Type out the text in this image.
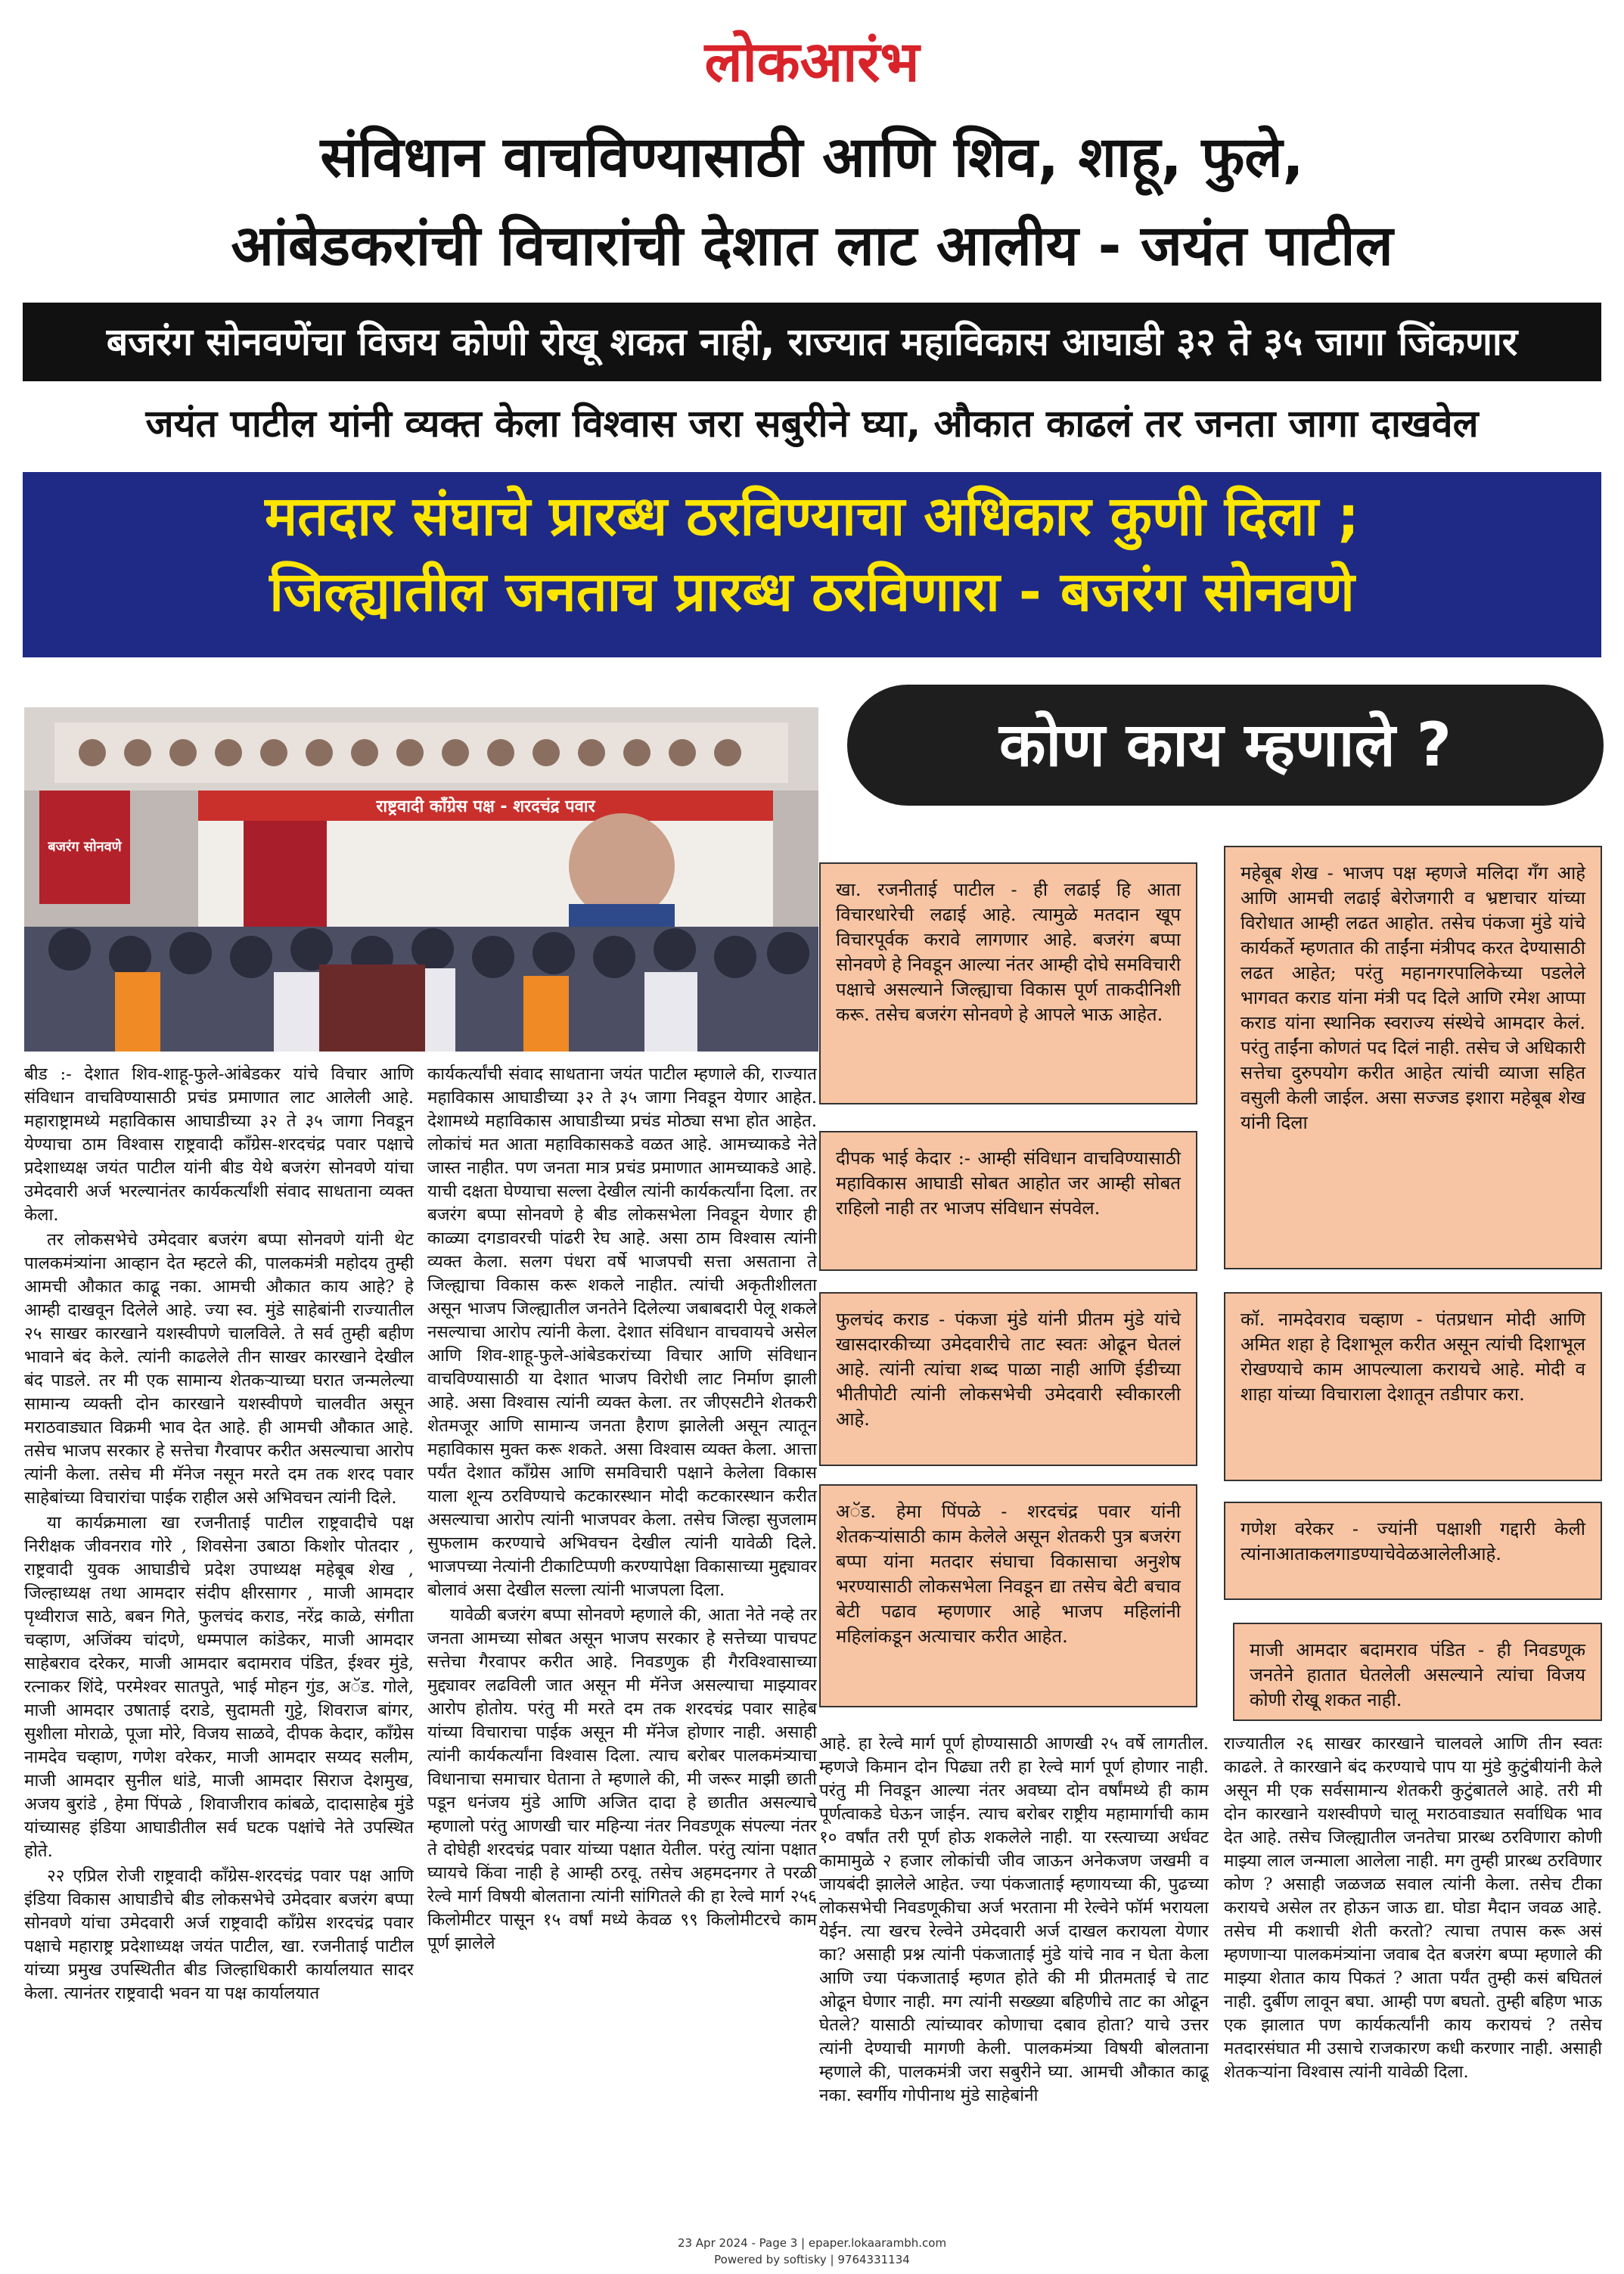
लोकआरंभ
संविधान वाचविण्यासाठी आणि शिव, शाहू, फुले,
आंबेडकरांची विचारांची देशात लाट आलीय - जयंत पाटील
बजरंग सोनवणेंचा विजय कोणी रोखू शकत नाही, राज्यात महाविकास आघाडी ३२ ते ३५ जागा जिंकणार
जयंत पाटील यांनी व्यक्त केला विश्वास जरा सबुरीने घ्या, औकात काढलं तर जनता जागा दाखवेल
मतदार संघाचे प्रारब्ध ठरविण्याचा अधिकार कुणी दिला ;
जिल्ह्यातील जनताच प्रारब्ध ठरविणारा - बजरंग सोनवणे
राष्ट्रवादी काँग्रेस पक्ष - शरदचंद्र पवार
बजरंग सोनवणे
कोण काय म्हणाले ?
खा. रजनीताई पाटील - ही लढाई हि आता विचारधारेची लढाई आहे. त्यामुळे मतदान खूप विचारपूर्वक करावे लागणार आहे. बजरंग बप्पा सोनवणे हे निवडून आल्या नंतर आम्ही दोघे समविचारी पक्षाचे असल्याने जिल्ह्याचा विकास पूर्ण ताकदीनिशी करू. तसेच बजरंग सोनवणे हे आपले भाऊ आहेत.
दीपक भाई केदार :- आम्ही संविधान वाचविण्यासाठी महाविकास आघाडी सोबत आहोत जर आम्ही सोबत राहिलो नाही तर भाजप संविधान संपवेल.
फुलचंद कराड - पंकजा मुंडे यांनी प्रीतम मुंडे यांचे खासदारकीच्या उमेदवारीचे ताट स्वतः ओढून घेतलं आहे. त्यांनी त्यांचा शब्द पाळा नाही आणि ईडीच्या भीतीपोटी त्यांनी लोकसभेची उमेदवारी स्वीकारली आहे.
अॅड. हेमा पिंपळे - शरदचंद्र पवार यांनी शेतकऱ्यांसाठी काम केलेले असून शेतकरी पुत्र बजरंग बप्पा यांना मतदार संघाचा विकासाचा अनुशेष भरण्यासाठी लोकसभेला निवडून द्या तसेच बेटी बचाव बेटी पढाव म्हणणार आहे भाजप महिलांनी महिलांकडून अत्याचार करीत आहेत.
महेबूब शेख - भाजप पक्ष म्हणजे मलिदा गॅंग आहे आणि आमची लढाई बेरोजगारी व भ्रष्टाचार यांच्या विरोधात आम्ही लढत आहोत. तसेच पंकजा मुंडे यांचे कार्यकर्ते म्हणतात की ताईंना मंत्रीपद करत देण्यासाठी लढत आहेत; परंतु महानगरपालिकेच्या पडलेले भागवत कराड यांना मंत्री पद दिले आणि रमेश आप्पा कराड यांना स्थानिक स्वराज्य संस्थेचे आमदार केलं. परंतु ताईंना कोणतं पद दिलं नाही. तसेच जे अधिकारी सत्तेचा दुरुपयोग करीत आहेत त्यांची व्याजा सहित वसुली केली जाईल. असा सज्जड इशारा महेबूब शेख यांनी दिला
कॉ. नामदेवराव चव्हाण - पंतप्रधान मोदी आणि अमित शहा हे दिशाभूल करीत असून त्यांची दिशाभूल रोखण्याचे काम आपल्याला करायचे आहे. मोदी व शाहा यांच्या विचाराला देशातून तडीपार करा.
गणेश वरेकर - ज्यांनी पक्षाशी गद्दारी केली त्यांनाआताकलगाडण्याचेवेळआलेलीआहे.
माजी आमदार बदामराव पंडित - ही निवडणूक जनतेने हातात घेतलेली असल्याने त्यांचा विजय कोणी रोखू शकत नाही.

बीड :- देशात शिव-शाहू-फुले-आंबेडकर यांचे विचार आणि संविधान वाचविण्यासाठी प्रचंड प्रमाणात लाट आलेली आहे. महाराष्ट्रामध्ये महाविकास आघाडीच्या ३२ ते ३५ जागा निवडून येण्याचा ठाम विश्वास राष्ट्रवादी काँग्रेस-शरदचंद्र पवार पक्षाचे प्रदेशाध्यक्ष जयंत पाटील यांनी बीड येथे बजरंग सोनवणे यांचा उमेदवारी अर्ज भरल्यानंतर कार्यकर्त्यांशी संवाद साधताना व्यक्त केला.

तर लोकसभेचे उमेदवार बजरंग बप्पा सोनवणे यांनी थेट पालकमंत्र्यांना आव्हान देत म्हटले की, पालकमंत्री महोदय तुम्ही आमची औकात काढू नका. आमची औकात काय आहे? हे आम्ही दाखवून दिलेले आहे. ज्या स्व. मुंडे साहेबांनी राज्यातील २५ साखर कारखाने यशस्वीपणे चालविले. ते सर्व तुम्ही बहीण भावाने बंद केले. त्यांनी काढलेले तीन साखर कारखाने देखील बंद पाडले. तर मी एक सामान्य शेतकऱ्याच्या घरात जन्मलेल्या सामान्य व्यक्ती दोन कारखाने यशस्वीपणे चालवीत असून मराठवाड्यात विक्रमी भाव देत आहे. ही आमची औकात आहे. तसेच भाजप सरकार हे सत्तेचा गैरवापर करीत असल्याचा आरोप त्यांनी केला. तसेच मी मॅनेज नसून मरते दम तक शरद पवार साहेबांच्या विचारांचा पाईक राहील असे अभिवचन त्यांनी दिले.

या कार्यक्रमाला खा रजनीताई पाटील राष्ट्रवादीचे पक्ष निरीक्षक जीवनराव गोरे , शिवसेना उबाठा किशोर पोतदार , राष्ट्रवादी युवक आघाडीचे प्रदेश उपाध्यक्ष महेबूब शेख , जिल्हाध्यक्ष तथा आमदार संदीप क्षीरसागर , माजी आमदार पृथ्वीराज साठे, बबन गिते, फुलचंद कराड, नरेंद्र काळे, संगीता चव्हाण, अजिंक्य चांदणे, धम्मपाल कांडेकर, माजी आमदार साहेबराव दरेकर, माजी आमदार बदामराव पंडित, ईश्वर मुंडे, रत्नाकर शिंदे, परमेश्वर सातपुते, भाई मोहन गुंड, अॅड. गोले, माजी आमदार उषाताई दराडे, सुदामती गुट्टे, शिवराज बांगर, सुशीला मोराळे, पूजा मोरे, विजय साळवे, दीपक केदार, काँग्रेस नामदेव चव्हाण, गणेश वरेकर, माजी आमदार सय्यद सलीम, माजी आमदार सुनील धांडे, माजी आमदार सिराज देशमुख, अजय बुरांडे , हेमा पिंपळे , शिवाजीराव कांबळे, दादासाहेब मुंडे यांच्यासह इंडिया आघाडीतील सर्व घटक पक्षांचे नेते उपस्थित होते.

२२ एप्रिल रोजी राष्ट्रवादी काँग्रेस-शरदचंद्र पवार पक्ष आणि इंडिया विकास आघाडीचे बीड लोकसभेचे उमेदवार बजरंग बप्पा सोनवणे यांचा उमेदवारी अर्ज राष्ट्रवादी काँग्रेस शरदचंद्र पवार पक्षाचे महाराष्ट्र प्रदेशाध्यक्ष जयंत पाटील, खा. रजनीताई पाटील यांच्या प्रमुख उपस्थितीत बीड जिल्हाधिकारी कार्यालयात सादर केला. त्यानंतर राष्ट्रवादी भवन या पक्ष कार्यालयात

कार्यकर्त्यांची संवाद साधताना जयंत पाटील म्हणाले की, राज्यात महाविकास आघाडीच्या ३२ ते ३५ जागा निवडून येणार आहेत. देशामध्ये महाविकास आघाडीच्या प्रचंड मोठ्या सभा होत आहेत. लोकांचं मत आता महाविकासकडे वळत आहे. आमच्याकडे नेते जास्त नाहीत. पण जनता मात्र प्रचंड प्रमाणात आमच्याकडे आहे. याची दक्षता घेण्याचा सल्ला देखील त्यांनी कार्यकर्त्यांना दिला. तर बजरंग बप्पा सोनवणे हे बीड लोकसभेला निवडून येणार ही काळ्या दगडावरची पांढरी रेघ आहे. असा ठाम विश्वास त्यांनी व्यक्त केला. सलग पंधरा वर्षे भाजपची सत्ता असताना ते जिल्ह्याचा विकास करू शकले नाहीत. त्यांची अकृतीशीलता असून भाजप जिल्ह्यातील जनतेने दिलेल्या जबाबदारी पेलू शकले नसल्याचा आरोप त्यांनी केला. देशात संविधान वाचवायचे असेल आणि शिव-शाहू-फुले-आंबेडकरांच्या विचार आणि संविधान वाचविण्यासाठी या देशात भाजप विरोधी लाट निर्माण झाली आहे. असा विश्वास त्यांनी व्यक्त केला. तर जीएसटीने शेतकरी शेतमजूर आणि सामान्य जनता हैराण झालेली असून त्यातून महाविकास मुक्त करू शकते. असा विश्वास व्यक्त केला. आत्ता पर्यंत देशात काँग्रेस आणि समविचारी पक्षाने केलेला विकास याला शून्य ठरविण्याचे कटकारस्थान मोदी कटकारस्थान करीत असल्याचा आरोप त्यांनी भाजपवर केला. तसेच जिल्हा सुजलाम सुफलाम करण्याचे अभिवचन देखील त्यांनी यावेळी दिले. भाजपच्या नेत्यांनी टीकाटिप्पणी करण्यापेक्षा विकासाच्या मुद्द्यावर बोलावं असा देखील सल्ला त्यांनी भाजपला दिला.

यावेळी बजरंग बप्पा सोनवणे म्हणाले की, आता नेते नव्हे तर जनता आमच्या सोबत असून भाजप सरकार हे सत्तेच्या पाचपट सत्तेचा गैरवापर करीत आहे. निवडणुक ही गैरविश्वासाच्या मुद्द्यावर लढविली जात असून मी मॅनेज असल्याचा माझ्यावर आरोप होतोय. परंतु मी मरते दम तक शरदचंद्र पवार साहेब यांच्या विचाराचा पाईक असून मी मॅनेज होणार नाही. असाही त्यांनी कार्यकर्त्यांना विश्वास दिला. त्याच बरोबर पालकमंत्र्याचा विधानाचा समाचार घेताना ते म्हणाले की, मी जरूर माझी छाती पडून धनंजय मुंडे आणि अजित दादा हे छातीत असल्याचे म्हणालो परंतु आणखी चार महिन्या नंतर निवडणूक संपल्या नंतर ते दोघेही शरदचंद्र पवार यांच्या पक्षात येतील. परंतु त्यांना पक्षात घ्यायचे किंवा नाही हे आम्ही ठरवू. तसेच अहमदनगर ते परळी रेल्वे मार्ग विषयी बोलताना त्यांनी सांगितले की हा रेल्वे मार्ग २५६ किलोमीटर पासून १५ वर्षां मध्ये केवळ ९९ किलोमीटरचे काम पूर्ण झालेले

आहे. हा रेल्वे मार्ग पूर्ण होण्यासाठी आणखी २५ वर्षे लागतील. म्हणजे किमान दोन पिढ्या तरी हा रेल्वे मार्ग पूर्ण होणार नाही. परंतु मी निवडून आल्या नंतर अवघ्या दोन वर्षांमध्ये ही काम पूर्णत्वाकडे घेऊन जाईन. त्याच बरोबर राष्ट्रीय महामार्गाची काम १० वर्षांत तरी पूर्ण होऊ शकलेले नाही. या रस्त्याच्या अर्धवट कामामुळे २ हजार लोकांची जीव जाऊन अनेकजण जखमी व जायबंदी झालेले आहेत. ज्या पंकजाताई म्हणायच्या की, पुढच्या लोकसभेची निवडणूकीचा अर्ज भरताना मी रेल्वेने फॉर्म भरायला येईन. त्या खरच रेल्वेने उमेदवारी अर्ज दाखल करायला येणार का? असाही प्रश्न त्यांनी पंकजाताई मुंडे यांचे नाव न घेता केला आणि ज्या पंकजाताई म्हणत होते की मी प्रीतमताई चे ताट ओढून घेणार नाही. मग त्यांनी सख्ख्या बहिणीचे ताट का ओढून घेतले? यासाठी त्यांच्यावर कोणाचा दबाव होता? याचे उत्तर त्यांनी देण्याची मागणी केली. पालकमंत्र्या विषयी बोलताना म्हणाले की, पालकमंत्री जरा सबुरीने घ्या. आमची औकात काढू नका. स्वर्गीय गोपीनाथ मुंडे साहेबांनी

राज्यातील २६ साखर कारखाने चालवले आणि तीन स्वतः काढले. ते कारखाने बंद करण्याचे पाप या मुंडे कुटुंबीयांनी केले असून मी एक सर्वसामान्य शेतकरी कुटुंबातले आहे. तरी मी दोन कारखाने यशस्वीपणे चालू मराठवाड्यात सर्वाधिक भाव देत आहे. तसेच जिल्ह्यातील जनतेचा प्रारब्ध ठरविणारा कोणी माझ्या लाल जन्माला आलेला नाही. मग तुम्ही प्रारब्ध ठरविणार कोण ? असाही जळजळ सवाल त्यांनी केला. तसेच टीका करायचे असेल तर होऊन जाऊ द्या. घोडा मैदान जवळ आहे. तसेच मी कशाची शेती करतो? त्याचा तपास करू असं म्हणणाऱ्या पालकमंत्र्यांना जवाब देत बजरंग बप्पा म्हणाले की माझ्या शेतात काय पिकतं ? आता पर्यंत तुम्ही कसं बघितलं नाही. दुर्बीण लावून बघा. आम्ही पण बघतो. तुम्ही बहिण भाऊ एक झालात पण कार्यकर्त्यांनी काय करायचं ? तसेच मतदारसंघात मी उसाचे राजकारण कधी करणार नाही. असाही शेतकऱ्यांना विश्वास त्यांनी यावेळी दिला.

23 Apr 2024 - Page 3 | epaper.lokaarambh.com
Powered by softisky | 9764331134
